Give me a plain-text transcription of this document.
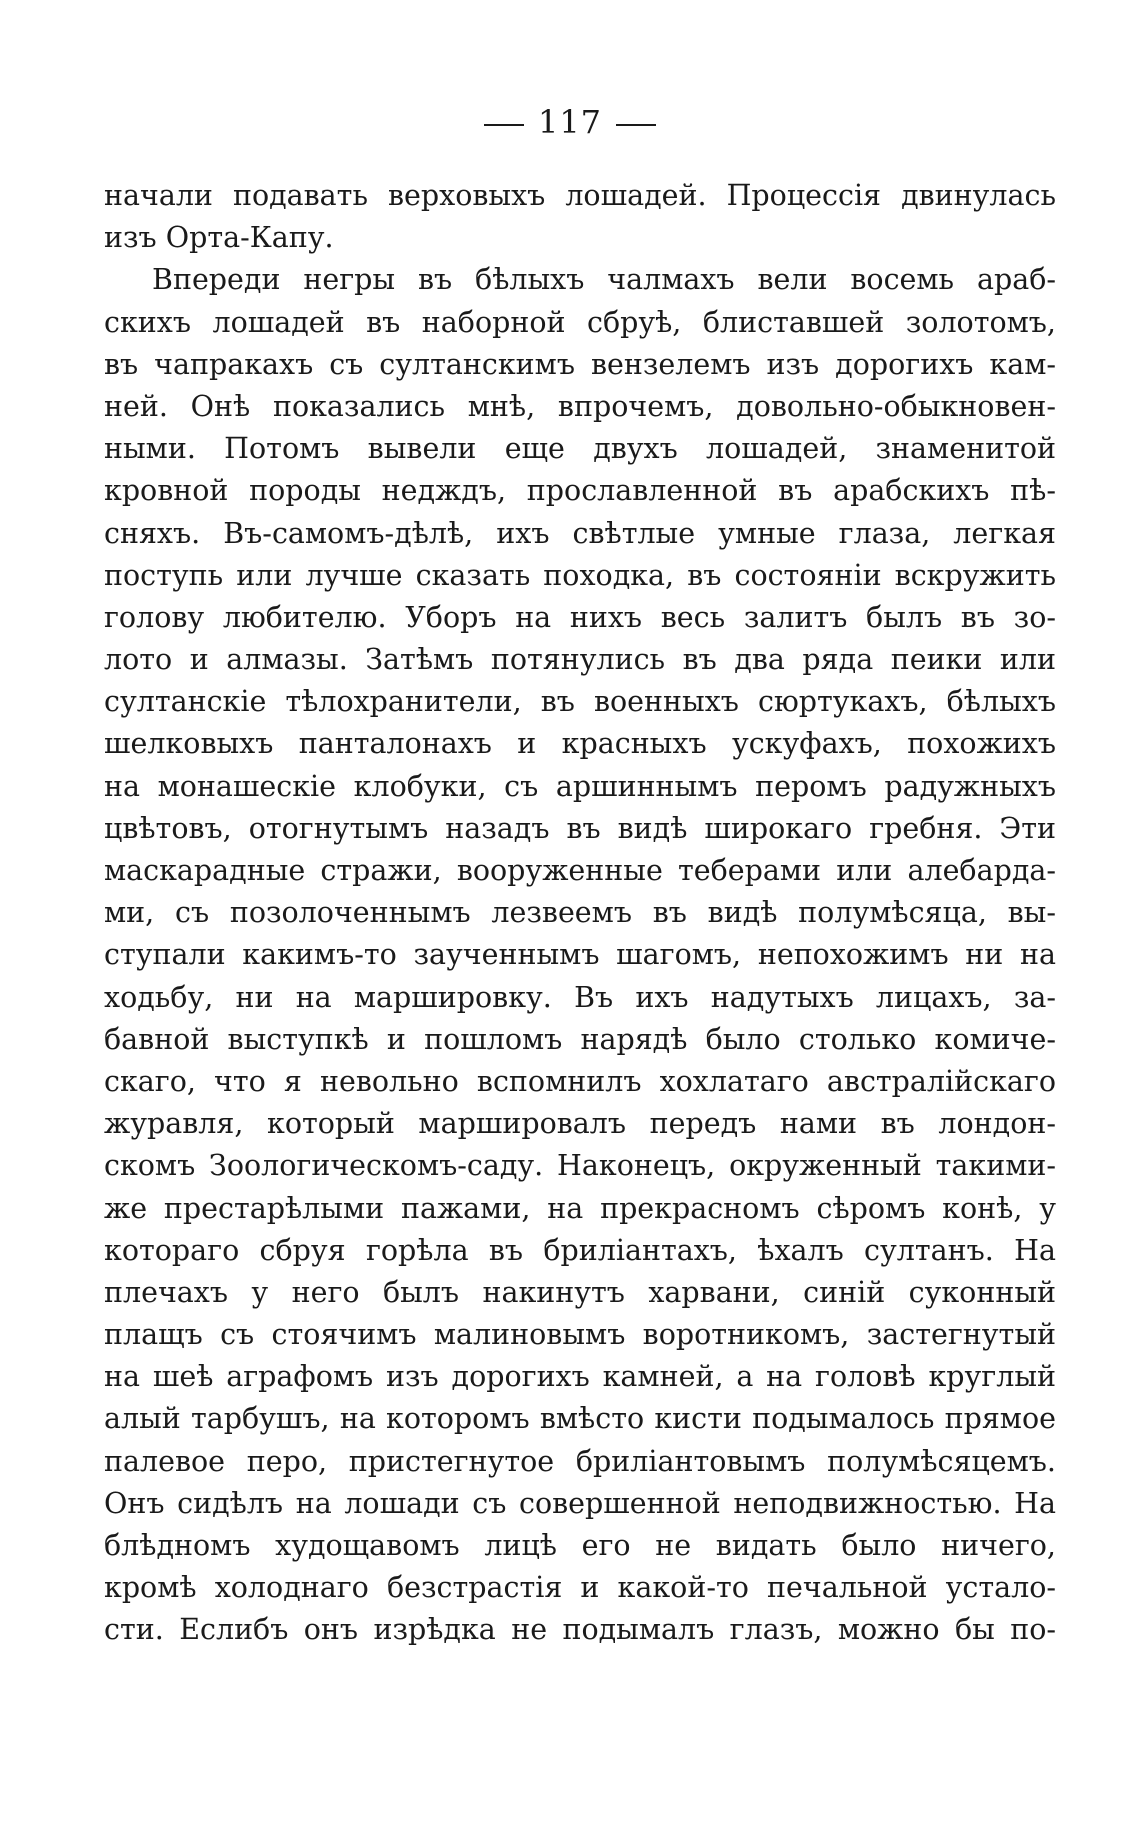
117
начали подавать верховыхъ лошадей. Процессія двинулась
изъ Орта-Капу.
Впереди негры въ бѣлыхъ чалмахъ вели восемь араб-
скихъ лошадей въ наборной сбруѣ, блиставшей золотомъ,
въ чапракахъ съ султанскимъ вензелемъ изъ дорогихъ кам-
ней. Онѣ показались мнѣ, впрочемъ, довольно-обыкновен-
ными. Потомъ вывели еще двухъ лошадей, знаменитой
кровной породы недждъ, прославленной въ арабскихъ пѣ-
сняхъ. Въ-самомъ-дѣлѣ, ихъ свѣтлые умные глаза, легкая
поступь или лучше сказать походка, въ состояніи вскружить
голову любителю. Уборъ на нихъ весь залитъ былъ въ зо-
лото и алмазы. Затѣмъ потянулись въ два ряда пеики или
султанскіе тѣлохранители, въ военныхъ сюртукахъ, бѣлыхъ
шелковыхъ панталонахъ и красныхъ ускуфахъ, похожихъ
на монашескіе клобуки, съ аршиннымъ перомъ радужныхъ
цвѣтовъ, отогнутымъ назадъ въ видѣ широкаго гребня. Эти
маскарадные стражи, вооруженные теберами или алебарда-
ми, съ позолоченнымъ лезвеемъ въ видѣ полумѣсяца, вы-
ступали какимъ-то заученнымъ шагомъ, непохожимъ ни на
ходьбу, ни на маршировку. Въ ихъ надутыхъ лицахъ, за-
бавной выступкѣ и пошломъ нарядѣ было столько комиче-
скаго, что я невольно вспомнилъ хохлатаго австралійскаго
журавля, который маршировалъ передъ нами въ лондон-
скомъ Зоологическомъ-саду. Наконецъ, окруженный такими-
же престарѣлыми пажами, на прекрасномъ сѣромъ конѣ, у
котораго сбруя горѣла въ бриліантахъ, ѣхалъ султанъ. На
плечахъ у него былъ накинутъ харвани, синій суконный
плащъ съ стоячимъ малиновымъ воротникомъ, застегнутый
на шеѣ аграфомъ изъ дорогихъ камней, а на головѣ круглый
алый тарбушъ, на которомъ вмѣсто кисти подымалось прямое
палевое перо, пристегнутое бриліантовымъ полумѣсяцемъ.
Онъ сидѣлъ на лошади съ совершенной неподвижностью. На
блѣдномъ худощавомъ лицѣ его не видать было ничего,
кромѣ холоднаго безстрастія и какой-то печальной устало-
сти. Еслибъ онъ изрѣдка не подымалъ глазъ, можно бы по-
